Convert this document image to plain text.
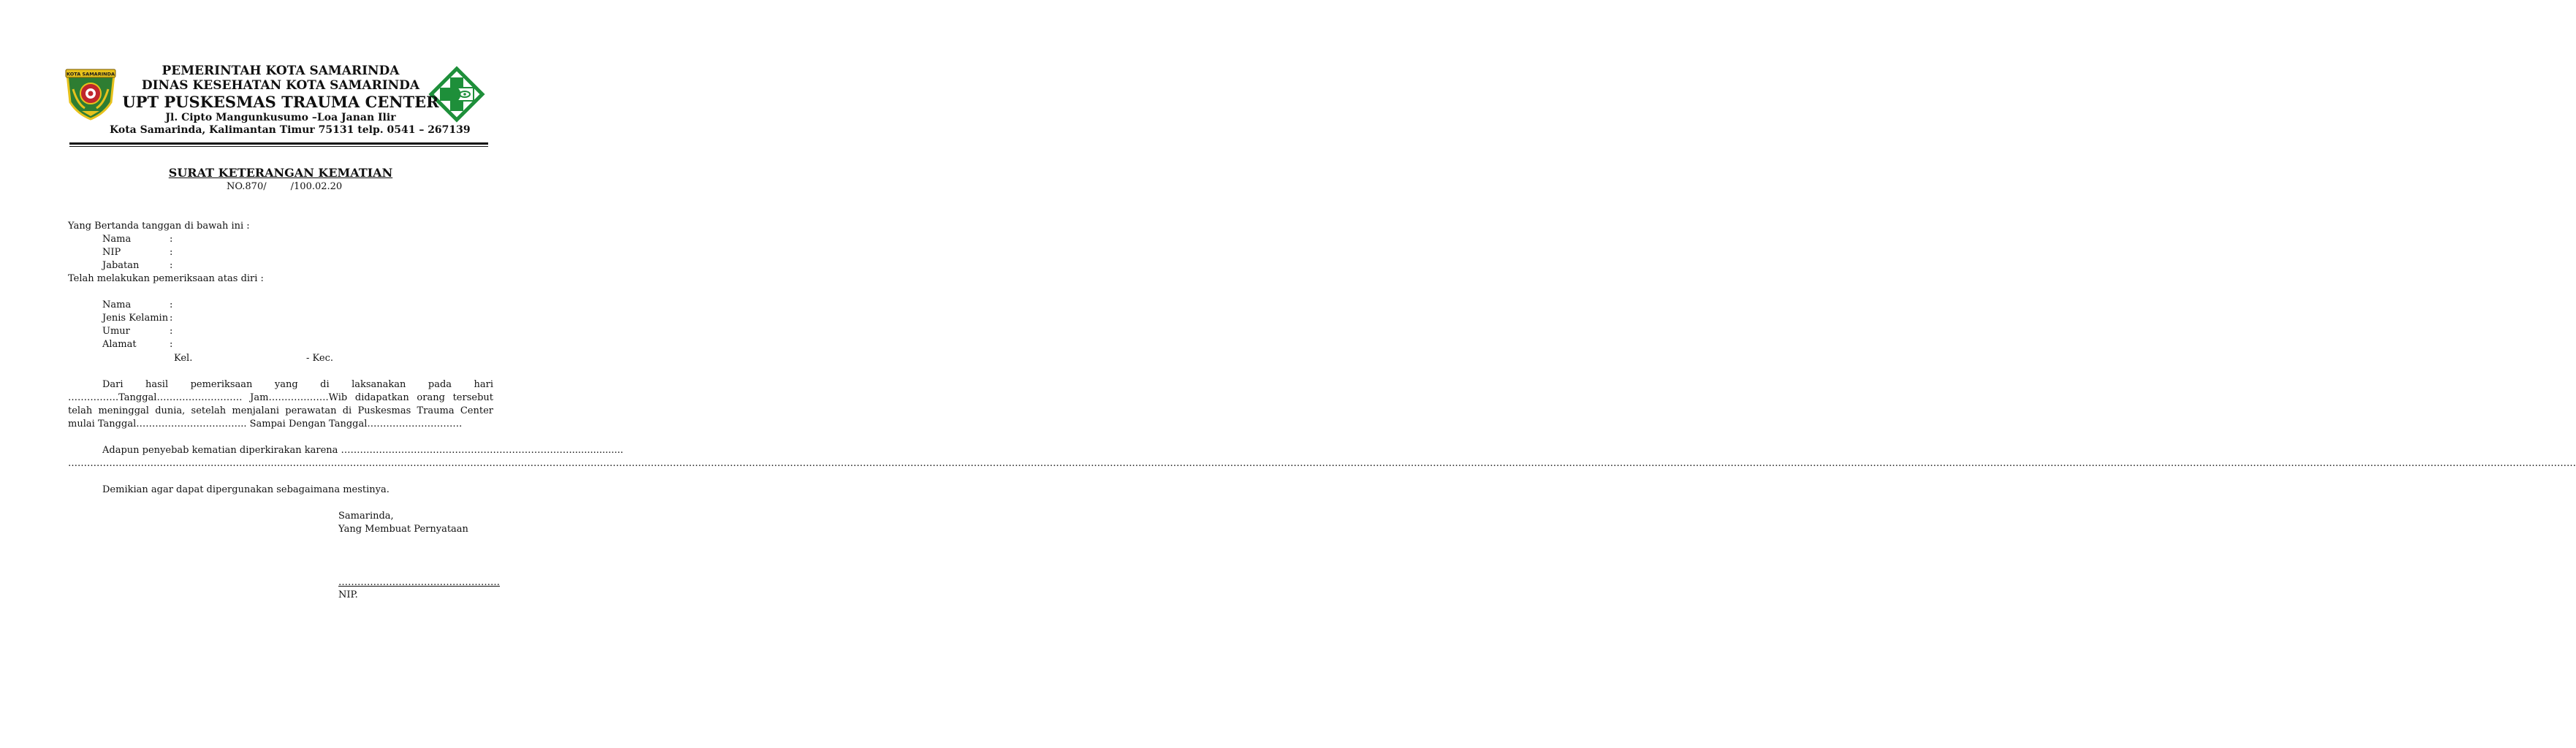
KOTA SAMARINDA	PEMERINTAH KOTA SAMARINDA
DINAS KESEHATAN KOTA SAMARINDA
UPT PUSKESMAS TRAUMA CENTER
Jl. Cipto Mangunkusumo –Loa Janan Ilir
Kota Samarinda, Kalimantan Timur 75131 telp. 0541 – 267139
SURAT KETERANGAN KEMATIAN
NO.870/        /100.02.20
Yang Bertanda tanggan di bawah ini :
Nama	:
NIP	:
Jabatan	:
Telah melakukan pemeriksaan atas diri :
Nama	:
Jenis Kelamin :
Umur	:
Alamat	:
Kel.	- Kec.
Dari hasil pemeriksaan yang di laksanakan pada hari …………….Tanggal……………………… Jam……………….Wib didapatkan orang tersebut telah meninggal dunia, setelah menjalani perawatan di Puskesmas Trauma Center mulai Tanggal…………………………….. Sampai Dengan Tanggal…………………………
Adapun penyebab kematian diperkirakan karena ………………………………………………………………..................
………………………………………………………………………………………………………………………………………………………………………………………………………………………………………………………………………………………………………………………………………………………………………………………………………………………………………………………………………………………………………………………………………………………………………………………………………………………………………………………………………………………………………………………………
Demikian agar dapat dipergunakan sebagaimana mestinya.
Samarinda,
Yang Membuat Pernyataan
……………………………………………
NIP.
